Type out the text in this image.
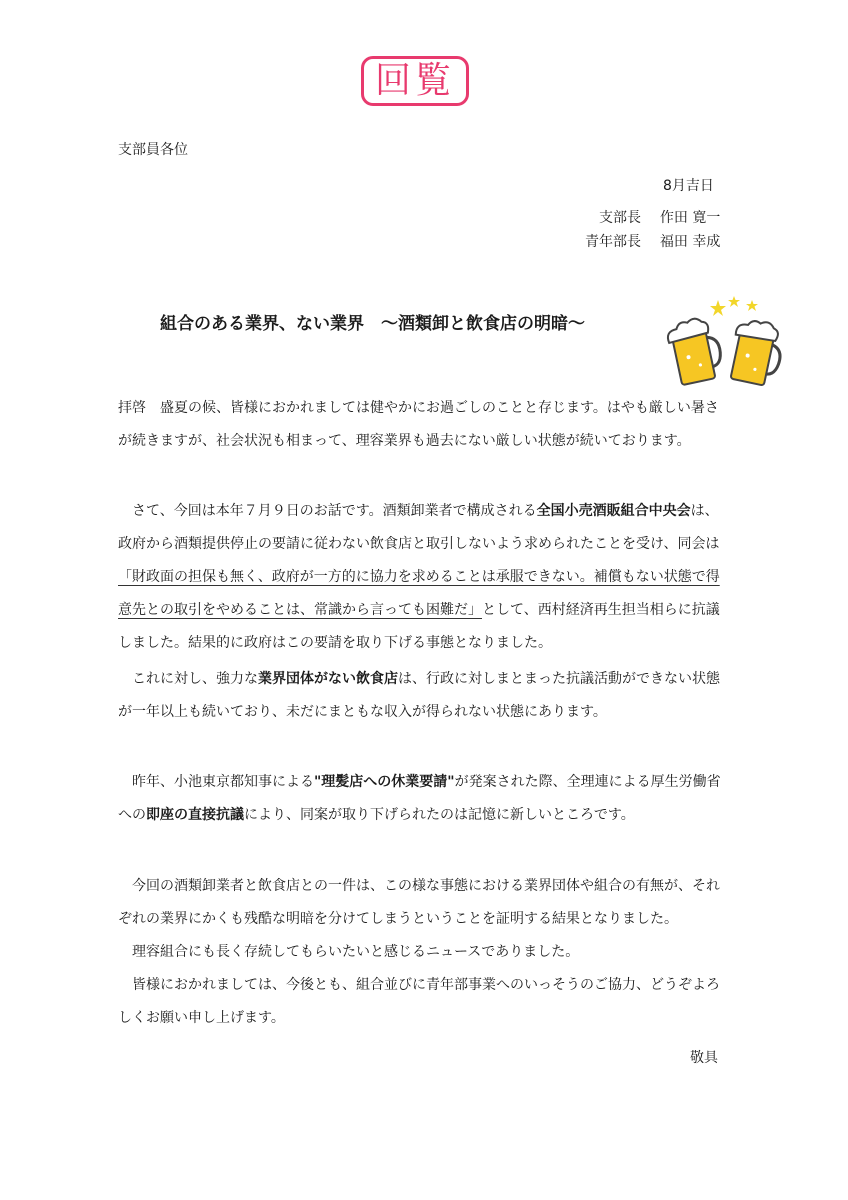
回覧
支部員各位
8月吉日
支部長 作田 寛一
青年部長 福田 幸成
組合のある業界、ない業界　～酒類卸と飲食店の明暗～

拝啓　盛夏の候、皆様におかれましては健やかにお過ごしのことと存じます。はやも厳しい暑さが続きますが、社会状況も相まって、理容業界も過去にない厳しい状態が続いております。

さて、今回は本年７月９日のお話です。酒類卸業者で構成される全国小売酒販組合中央会は、政府から酒類提供停止の要請に従わない飲食店と取引しないよう求められたことを受け、同会は「財政面の担保も無く、政府が一方的に協力を求めることは承服できない。補償もない状態で得意先との取引をやめることは、常識から言っても困難だ」として、西村経済再生担当相らに抗議しました。結果的に政府はこの要請を取り下げる事態となりました。

これに対し、強力な業界団体がない飲食店は、行政に対しまとまった抗議活動ができない状態が一年以上も続いており、未だにまともな収入が得られない状態にあります。

昨年、小池東京都知事による"理髪店への休業要請"が発案された際、全理連による厚生労働省への即座の直接抗議により、同案が取り下げられたのは記憶に新しいところです。

今回の酒類卸業者と飲食店との一件は、この様な事態における業界団体や組合の有無が、それぞれの業界にかくも残酷な明暗を分けてしまうということを証明する結果となりました。

理容組合にも長く存続してもらいたいと感じるニュースでありました。

皆様におかれましては、今後とも、組合並びに青年部事業へのいっそうのご協力、どうぞよろしくお願い申し上げます。

敬具
